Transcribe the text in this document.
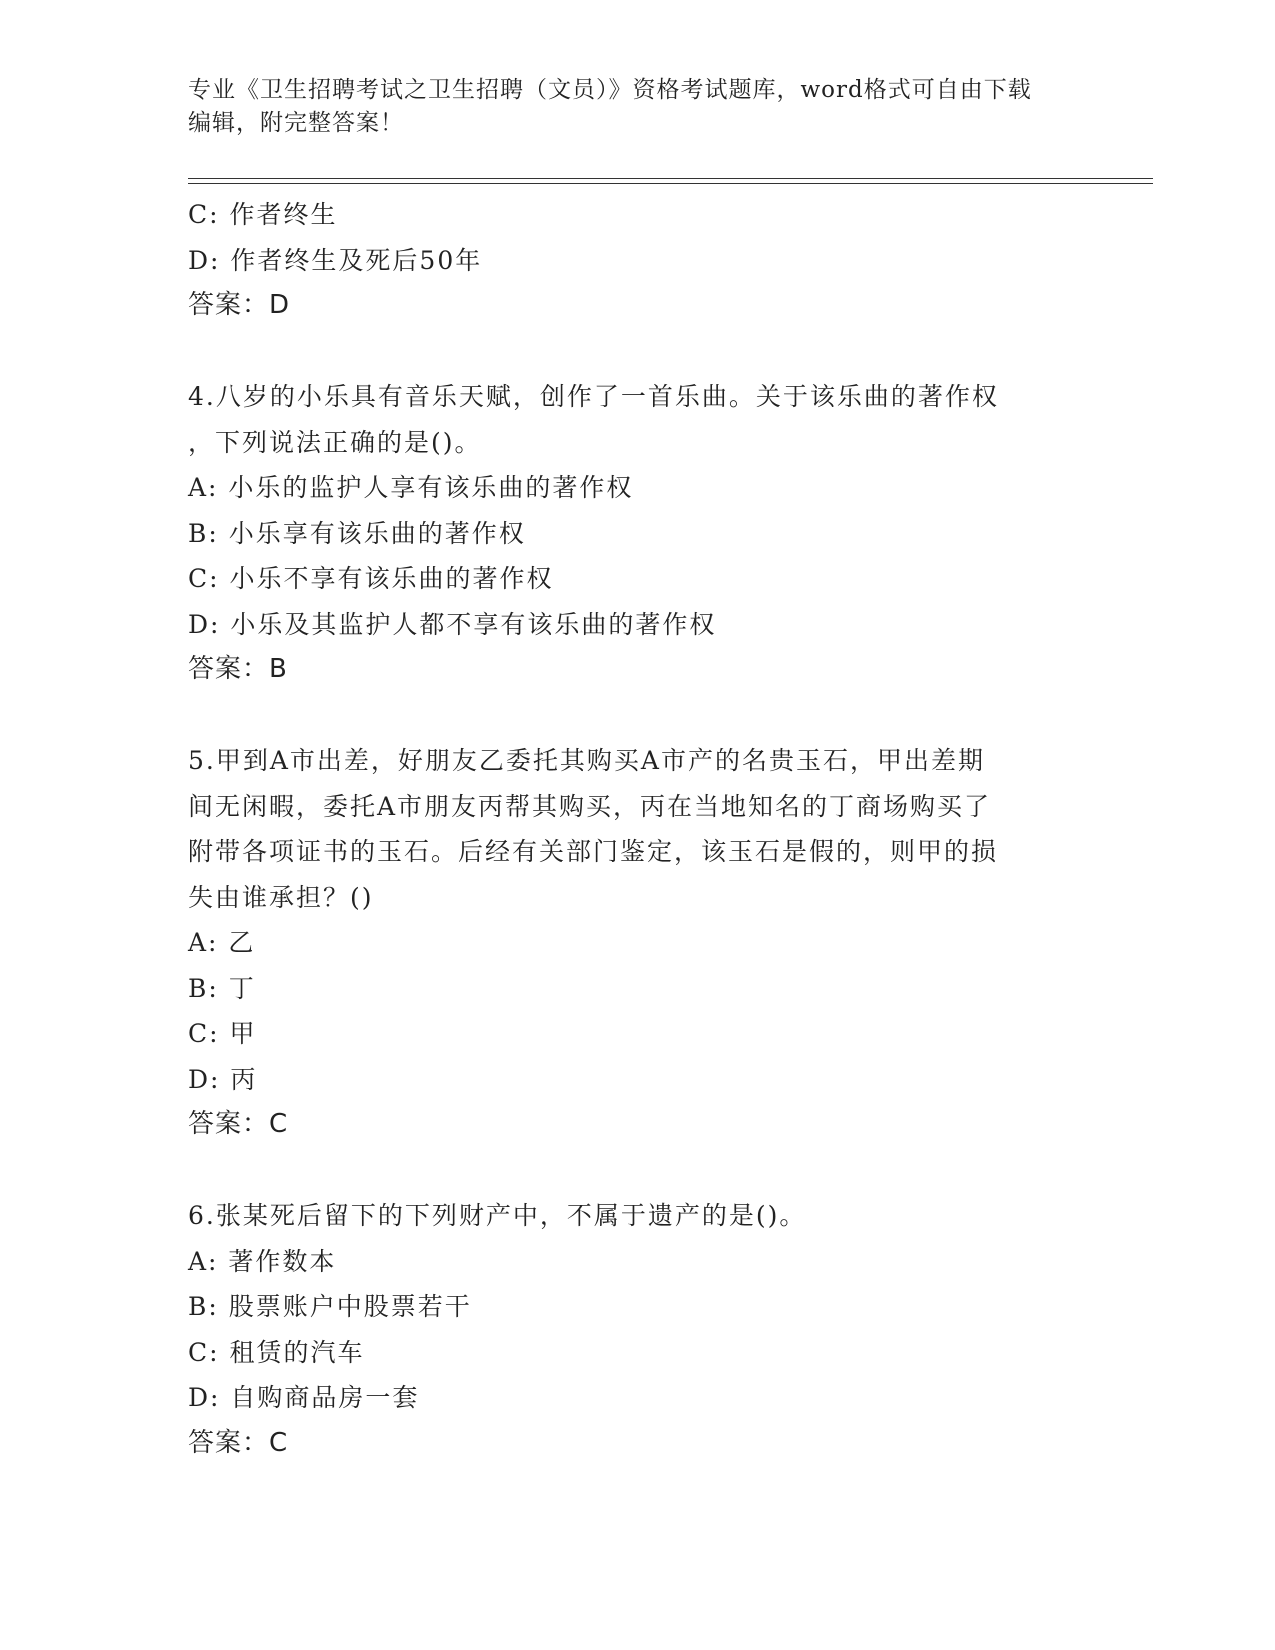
专业《卫生招聘考试之卫生招聘（文员）》资格考试题库，word格式可自由下载
编辑，附完整答案！
C: 作者终生
D: 作者终生及死后50年
答案：D
4.八岁的小乐具有音乐天赋，创作了一首乐曲。关于该乐曲的著作权
，下列说法正确的是()。
A: 小乐的监护人享有该乐曲的著作权
B: 小乐享有该乐曲的著作权
C: 小乐不享有该乐曲的著作权
D: 小乐及其监护人都不享有该乐曲的著作权
答案：B
5.甲到A市出差，好朋友乙委托其购买A市产的名贵玉石，甲出差期
间无闲暇，委托A市朋友丙帮其购买，丙在当地知名的丁商场购买了
附带各项证书的玉石。后经有关部门鉴定，该玉石是假的，则甲的损
失由谁承担？()
A: 乙
B: 丁
C: 甲
D: 丙
答案：C
6.张某死后留下的下列财产中，不属于遗产的是()。
A: 著作数本
B: 股票账户中股票若干
C: 租赁的汽车
D: 自购商品房一套
答案：C
